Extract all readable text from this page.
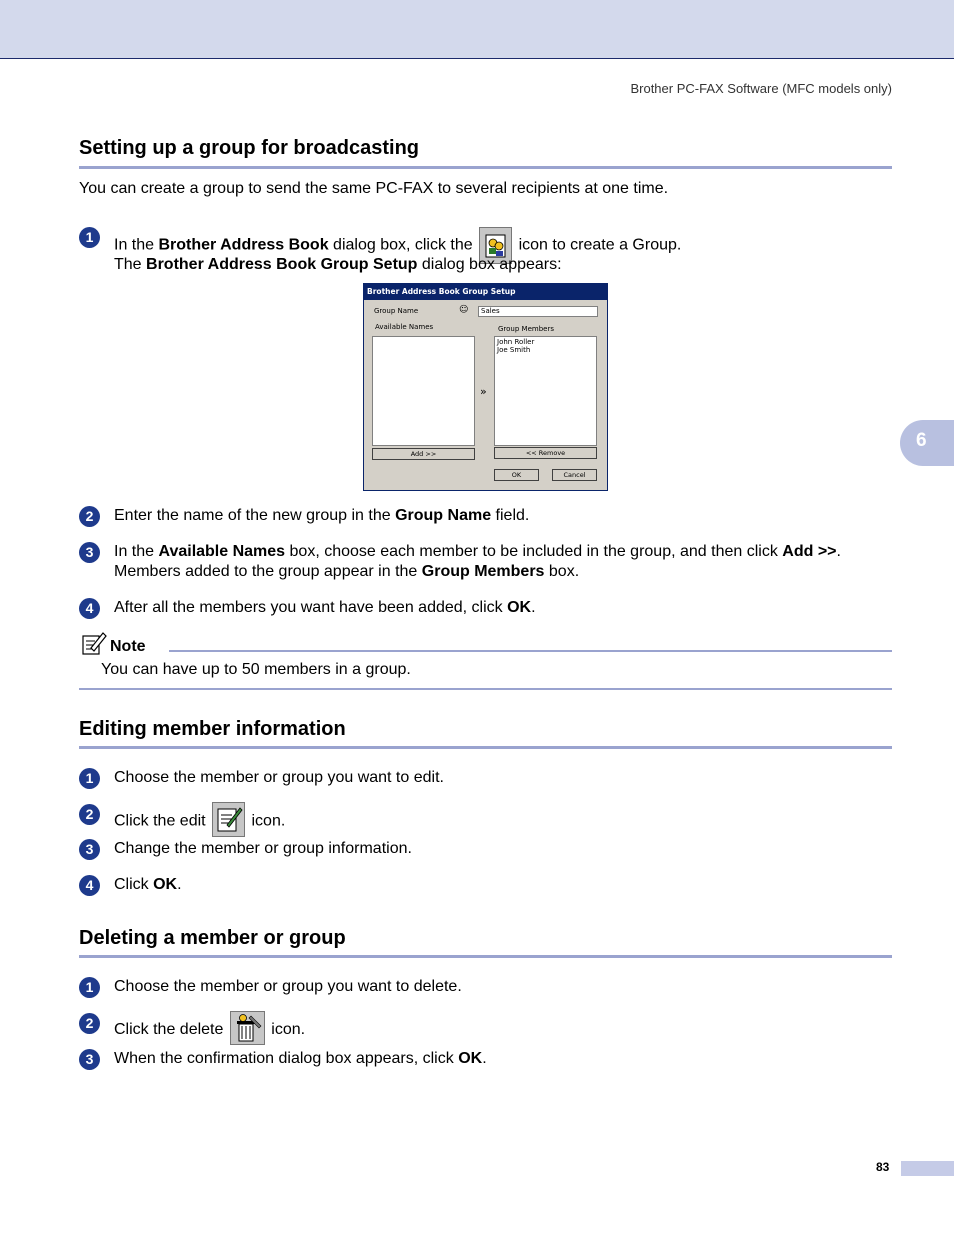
Brother PC-FAX Software (MFC models only)
6
Setting up a group for broadcasting
You can create a group to send the same PC-FAX to several recipients at one time.
1	In the Brother Address Book dialog box, click the  icon to create a Group.
The Brother Address Book Group Setup dialog box appears:
Brother Address Book Group Setup
Group Name	☺	Sales
Available Names	Group Members
John Roller
Joe Smith
»
Add >>	<< Remove
OK	Cancel
2	Enter the name of the new group in the Group Name field.
3	In the Available Names box, choose each member to be included in the group, and then click Add >>.
Members added to the group appear in the Group Members box.
4	After all the members you want have been added, click OK.
Note
You can have up to 50 members in a group.
Editing member information
1	Choose the member or group you want to edit.
2	Click the edit  icon.
3	Change the member or group information.
4	Click OK.
Deleting a member or group
1	Choose the member or group you want to delete.
2	Click the delete  icon.
3	When the confirmation dialog box appears, click OK.
83
